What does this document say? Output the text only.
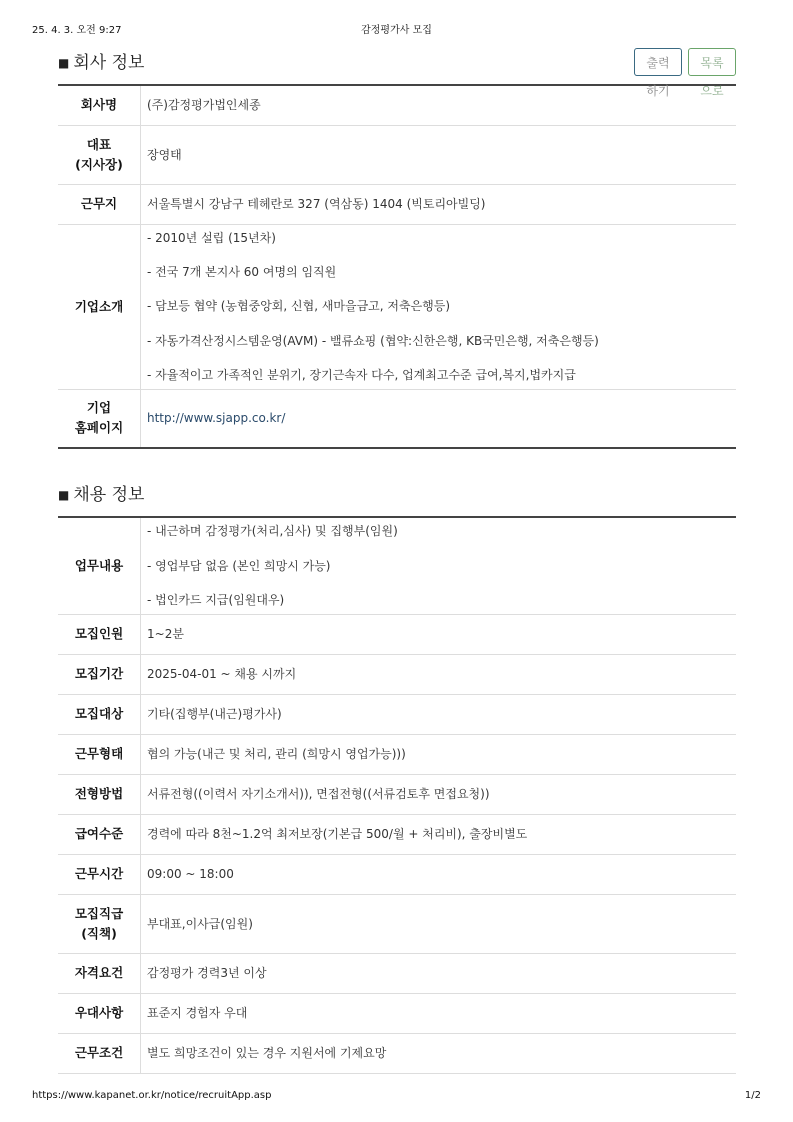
25. 4. 3. 오전 9:27	감정평가사 모집
■ 회사 정보	출력하기
목록으로
회사명	(주)감정평가법인세종

대표
(지사장)	장영태
근무지	서울특별시 강남구 테헤란로 327 (역삼동) 1404 (빅토리아빌딩)
기업소개	- 2010년 설립 (15년차)
- 전국 7개 본지사 60 여명의 임직원
- 담보등 협약 (농협중앙회, 신협, 새마을금고, 저축은행등)
- 자동가격산정시스템운영(AVM) - 밸류쇼핑 (협약:신한은행, KB국민은행, 저축은행등)
- 자율적이고 가족적인 분위기, 장기근속자 다수, 업계최고수준 급여,복지,법카지급

기업
홈페이지	http://www.sjapp.co.kr/
■ 채용 정보
업무내용	- 내근하며 감정평가(처리,심사) 및 집행부(임원)
- 영업부담 없음 (본인 희망시 가능)
- 법인카드 지급(임원대우)

모집인원	1~2분
모집기간	2025-04-01 ~ 채용 시까지
모집대상	기타(집행부(내근)평가사)
근무형태	협의 가능(내근 및 처리, 관리 (희망시 영업가능)))
전형방법	서류전형((이력서 자기소개서)), 면접전형((서류검토후 면접요청))
급여수준	경력에 따라 8천~1.2억 최저보장(기본급 500/월 + 처리비), 출장비별도
근무시간	09:00 ~ 18:00

모집직급
(직책)	부대표,이사급(임원)
자격요건	감정평가 경력3년 이상
우대사항	표준지 경험자 우대
근무조건	별도 희망조건이 있는 경우 지원서에 기제요망
https://www.kapanet.or.kr/notice/recruitApp.asp	1/2
